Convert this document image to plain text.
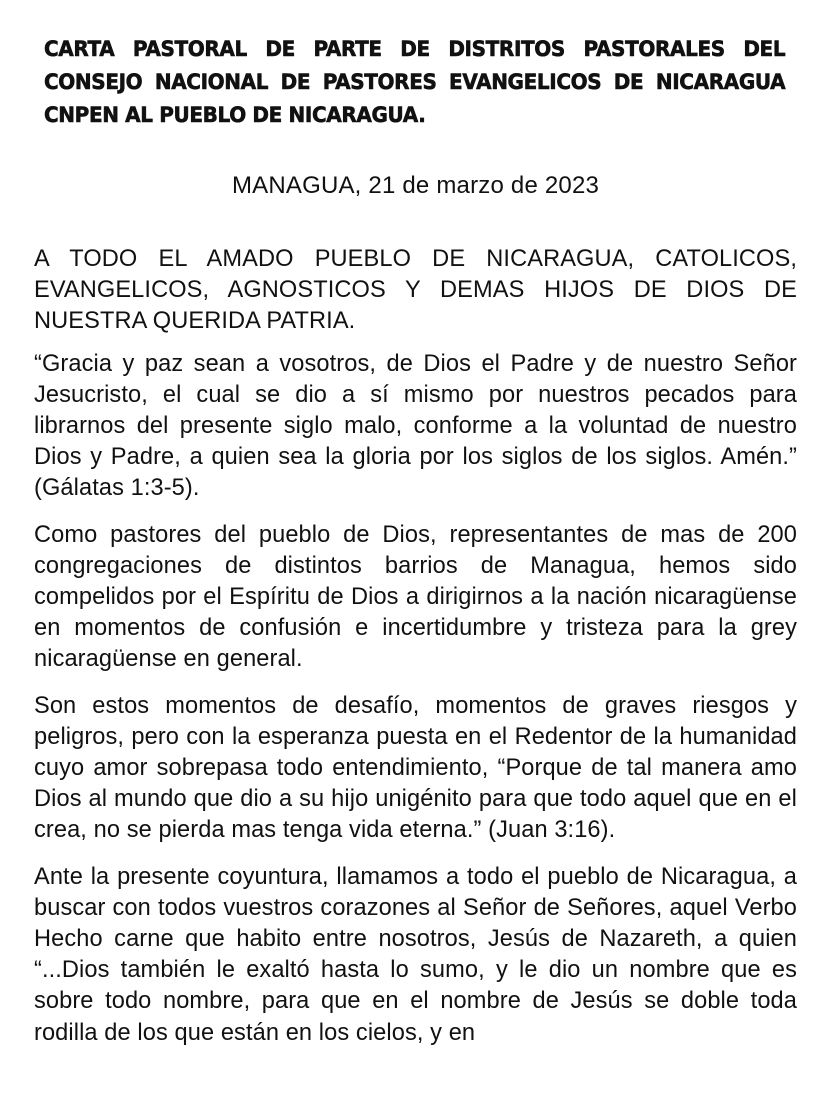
CARTA PASTORAL DE PARTE DE DISTRITOS PASTORALES DEL CONSEJO NACIONAL DE PASTORES EVANGELICOS DE NICARAGUA CNPEN AL PUEBLO DE NICARAGUA.
MANAGUA, 21 de marzo de 2023

A TODO EL AMADO PUEBLO DE NICARAGUA, CATOLICOS, EVANGELICOS, AGNOSTICOS Y DEMAS HIJOS DE DIOS DE NUESTRA QUERIDA PATRIA.

“Gracia y paz sean a vosotros, de Dios el Padre y de nuestro Señor Jesucristo, el cual se dio a sí mismo por nuestros pecados para librarnos del presente siglo malo, conforme a la voluntad de nuestro Dios y Padre, a quien sea la gloria por los siglos de los siglos. Amén.” (Gálatas 1:3-5).

Como pastores del pueblo de Dios, representantes de mas de 200 congregaciones de distintos barrios de Managua, hemos sido compelidos por el Espíritu de Dios a dirigirnos a la nación nicaragüense en momentos de confusión e incertidumbre y tristeza para la grey nicaragüense en general.

Son estos momentos de desafío, momentos de graves riesgos y peligros, pero con la esperanza puesta en el Redentor de la humanidad cuyo amor sobrepasa todo entendimiento, “Porque de tal manera amo Dios al mundo que dio a su hijo unigénito para que todo aquel que en el crea, no se pierda mas tenga vida eterna.” (Juan 3:16).

Ante la presente coyuntura, llamamos a todo el pueblo de Nicaragua, a buscar con todos vuestros corazones al Señor de Señores, aquel Verbo Hecho carne que habito entre nosotros, Jesús de Nazareth, a quien “...Dios también le exaltó hasta lo sumo, y le dio un nombre que es sobre todo nombre, para que en el nombre de Jesús se doble toda rodilla de los que están en los cielos, y en
